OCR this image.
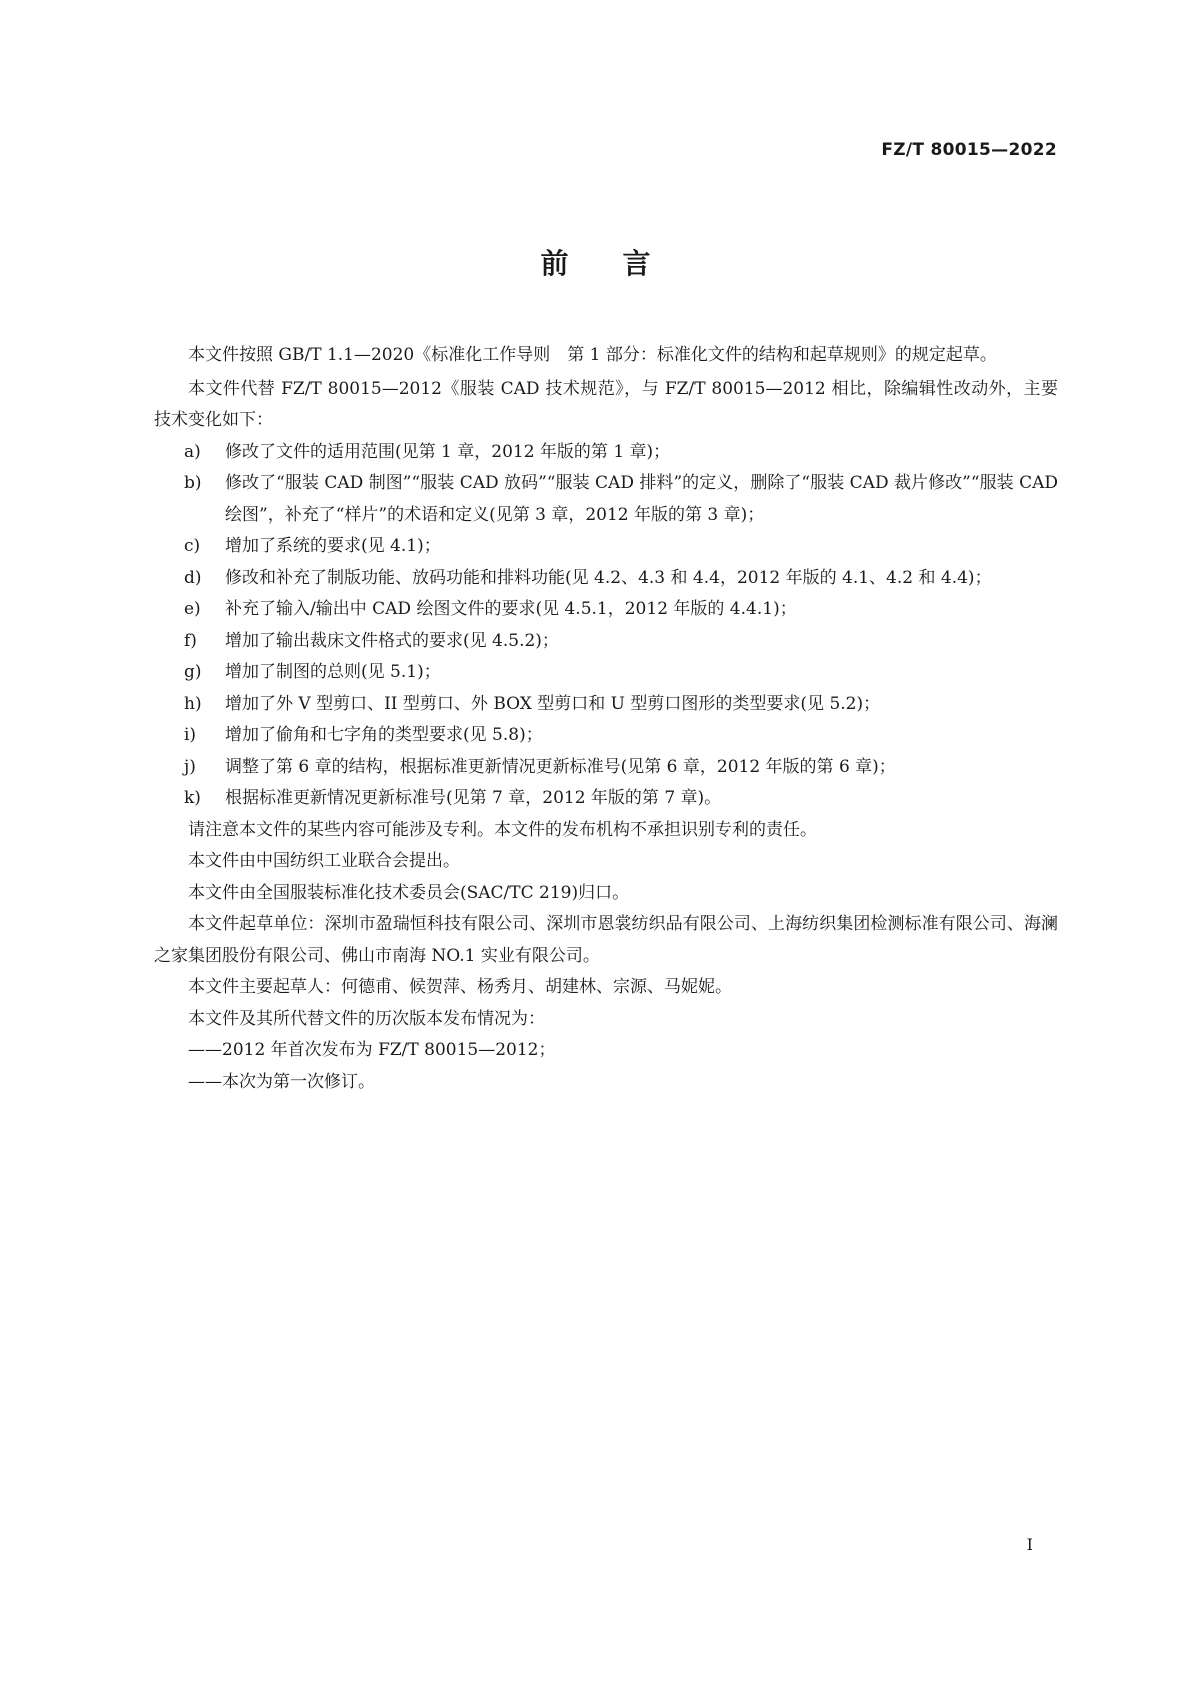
FZ/T 80015—2022

前言

本文件按照 GB/T 1.1—2020《标准化工作导则　第 1 部分：标准化文件的结构和起草规则》的规定起草。

本文件代替 FZ/T 80015—2012《服装 CAD 技术规范》，与 FZ/T 80015—2012 相比，除编辑性改动外，主要技术变化如下：

a) 修改了文件的适用范围(见第 1 章，2012 年版的第 1 章)；
b) 修改了“服装 CAD 制图”“服装 CAD 放码”“服装 CAD 排料”的定义，删除了“服装 CAD 裁片修改”“服装 CAD 绘图”，补充了“样片”的术语和定义(见第 3 章，2012 年版的第 3 章)；
c) 增加了系统的要求(见 4.1)；
d) 修改和补充了制版功能、放码功能和排料功能(见 4.2、4.3 和 4.4，2012 年版的 4.1、4.2 和 4.4)；
e) 补充了输入/输出中 CAD 绘图文件的要求(见 4.5.1，2012 年版的 4.4.1)；
f) 增加了输出裁床文件格式的要求(见 4.5.2)；
g) 增加了制图的总则(见 5.1)；
h) 增加了外 V 型剪口、II 型剪口、外 BOX 型剪口和 U 型剪口图形的类型要求(见 5.2)；
i) 增加了偷角和七字角的类型要求(见 5.8)；
j) 调整了第 6 章的结构，根据标准更新情况更新标准号(见第 6 章，2012 年版的第 6 章)；
k) 根据标准更新情况更新标准号(见第 7 章，2012 年版的第 7 章)。

请注意本文件的某些内容可能涉及专利。本文件的发布机构不承担识别专利的责任。

本文件由中国纺织工业联合会提出。

本文件由全国服装标准化技术委员会(SAC/TC 219)归口。

本文件起草单位：深圳市盈瑞恒科技有限公司、深圳市恩裳纺织品有限公司、上海纺织集团检测标准有限公司、海澜之家集团股份有限公司、佛山市南海 NO.1 实业有限公司。

本文件主要起草人：何德甫、候贺萍、杨秀月、胡建林、宗源、马妮妮。

本文件及其所代替文件的历次版本发布情况为：

——2012 年首次发布为 FZ/T 80015—2012；

——本次为第一次修订。

I
